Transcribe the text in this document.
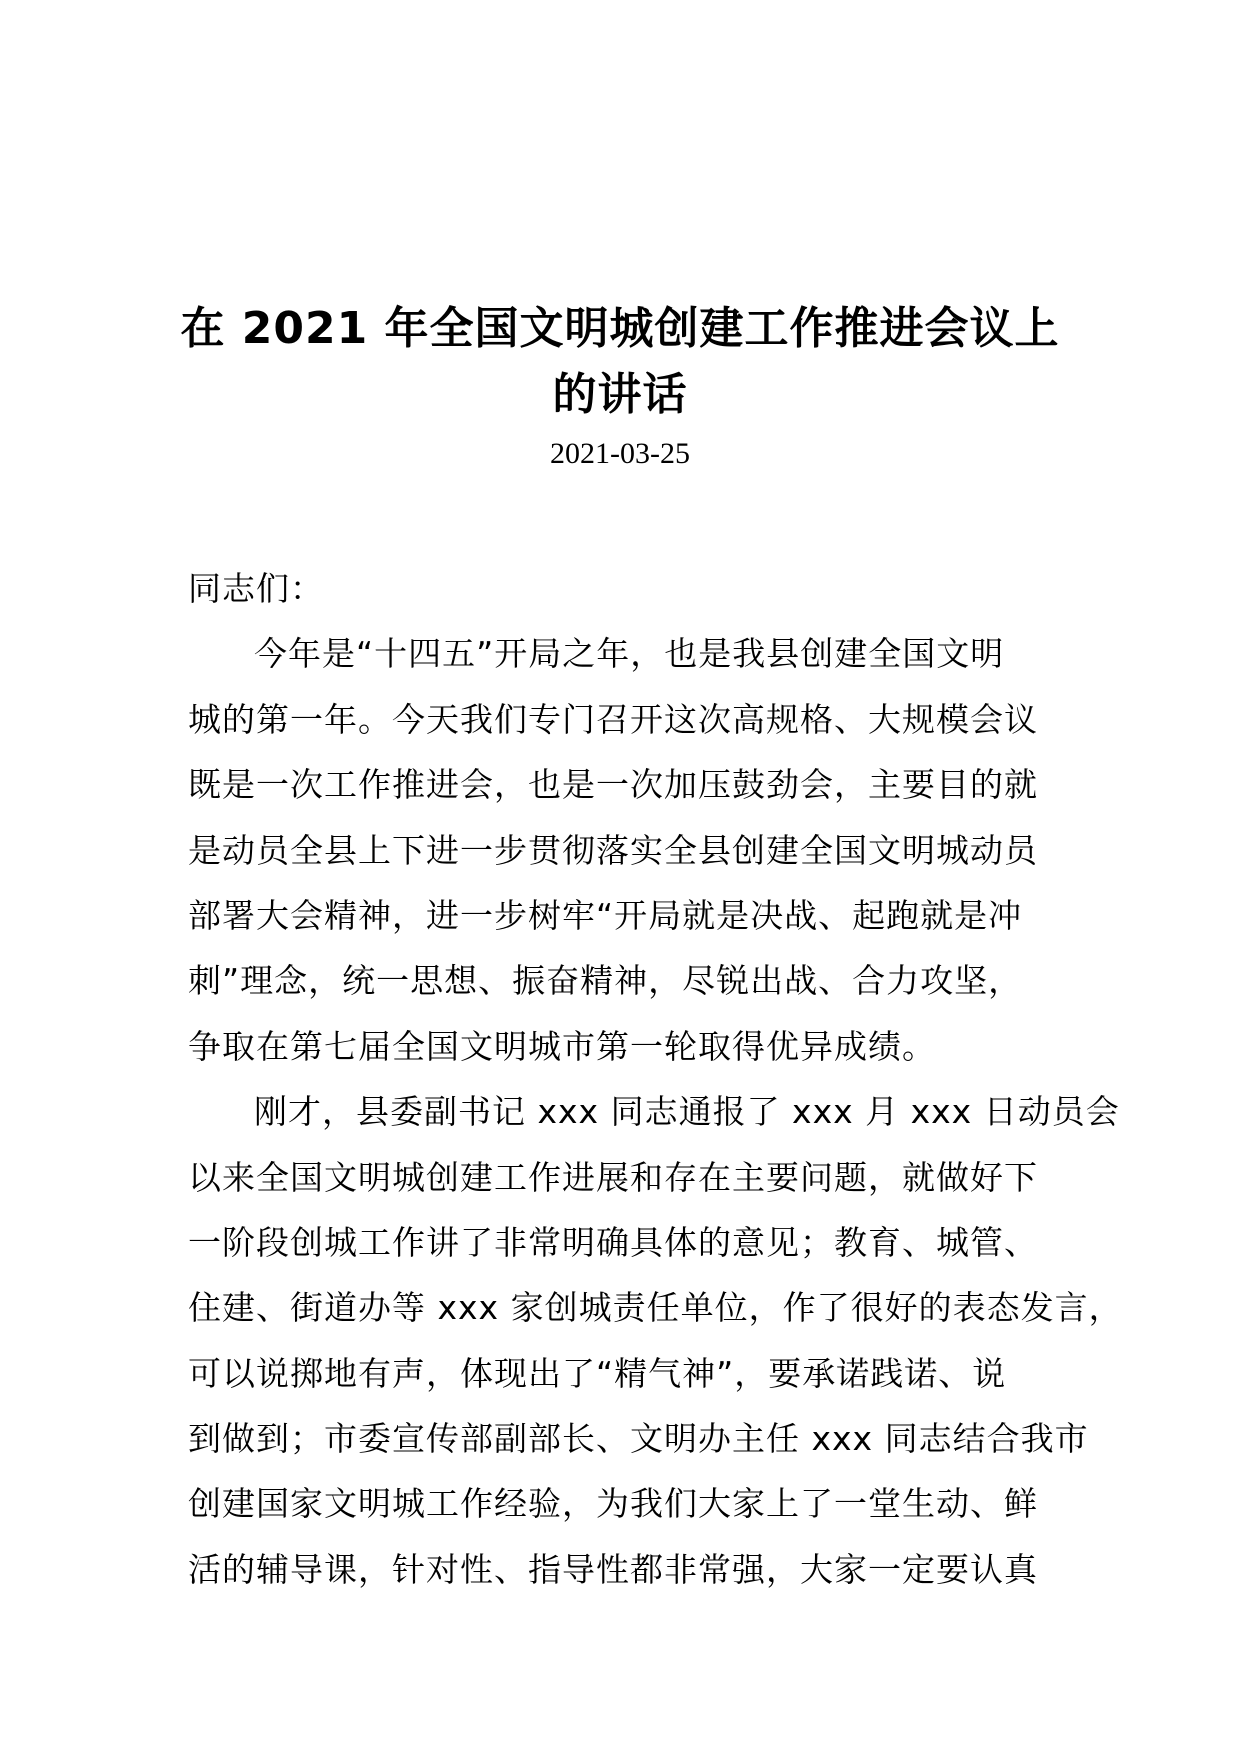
在 2021 年全国文明城创建工作推进会议上
的讲话
2021-03-25
同志们：
今年是“十四五”开局之年，也是我县创建全国文明
城的第一年。今天我们专门召开这次高规格、大规模会议
既是一次工作推进会，也是一次加压鼓劲会，主要目的就
是动员全县上下进一步贯彻落实全县创建全国文明城动员
部署大会精神，进一步树牢“开局就是决战、起跑就是冲
刺”理念，统一思想、振奋精神，尽锐出战、合力攻坚，
争取在第七届全国文明城市第一轮取得优异成绩。
刚才，县委副书记 xxx 同志通报了 xxx 月 xxx 日动员会
以来全国文明城创建工作进展和存在主要问题，就做好下
一阶段创城工作讲了非常明确具体的意见；教育、城管、
住建、街道办等 xxx 家创城责任单位，作了很好的表态发言，
可以说掷地有声，体现出了“精气神”，要承诺践诺、说
到做到；市委宣传部副部长、文明办主任 xxx 同志结合我市
创建国家文明城工作经验，为我们大家上了一堂生动、鲜
活的辅导课，针对性、指导性都非常强，大家一定要认真
